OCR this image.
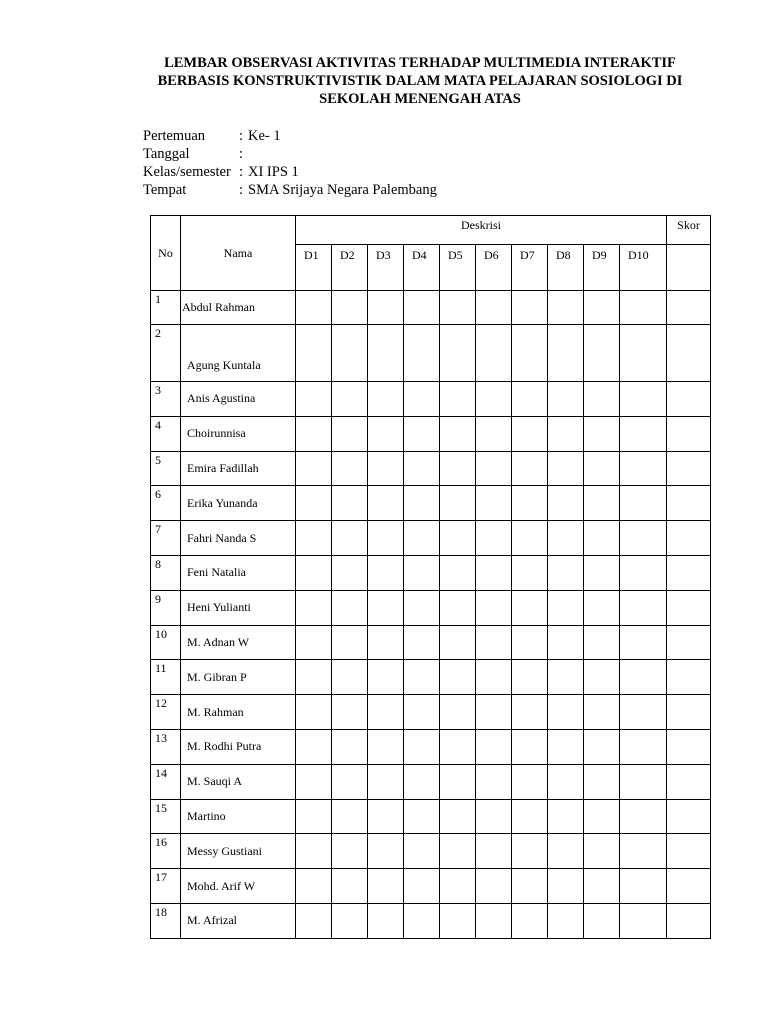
LEMBAR OBSERVASI AKTIVITAS TERHADAP MULTIMEDIA INTERAKTIF
BERBASIS KONSTRUKTIVISTIK DALAM MATA PELAJARAN SOSIOLOGI DI
SEKOLAH MENENGAH ATAS
Pertemuan	: Ke- 1
Tanggal	:
Kelas/semester : XI IPS 1
Tempat	: SMA Srijaya Negara Palembang
No	Nama	Deskrisi										Skor
		D1	D2	D3	D4	D5	D6	D7	D8	D9	D10	
1	Abdul Rahman											
2	Agung Kuntala											
3	Anis Agustina											
4	Choirunnisa											
5	Emira Fadillah											
6	Erika Yunanda											
7	Fahri Nanda S											
8	Feni Natalia											
9	Heni Yulianti											
10	M. Adnan W											
11	M. Gibran P											
12	M. Rahman											
13	M. Rodhi Putra											
14	M. Sauqi A											
15	Martino											
16	Messy Gustiani											
17	Mohd. Arif W											
18	M. Afrizal											
